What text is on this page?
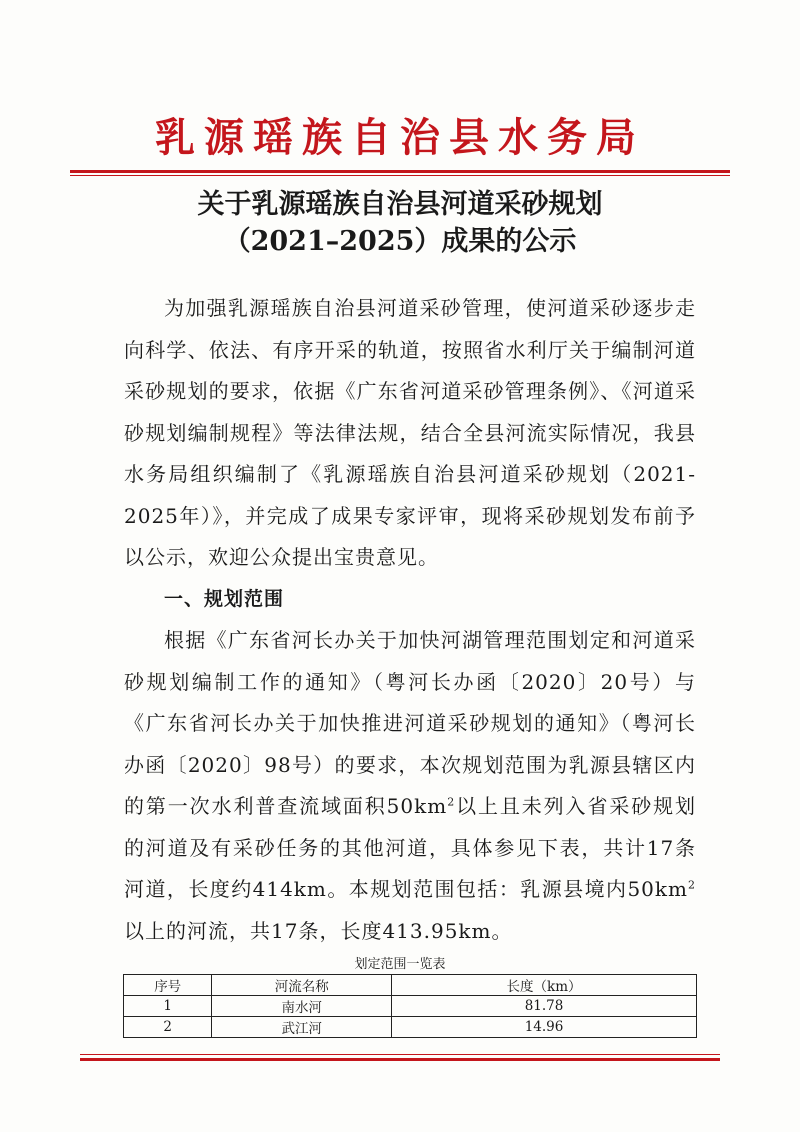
乳源瑶族自治县水务局
关于乳源瑶族自治县河道采砂规划
（2021–2025）成果的公示

为加强乳源瑶族自治县河道采砂管理，使河道采砂逐步走向科学、依法、有序开采的轨道，按照省水利厅关于编制河道采砂规划的要求，依据《广东省河道采砂管理条例》、《河道采砂规划编制规程》等法律法规，结合全县河流实际情况，我县水务局组织编制了《乳源瑶族自治县河道采砂规划（2021-2025年）》，并完成了成果专家评审，现将采砂规划发布前予以公示，欢迎公众提出宝贵意见。

一、规划范围

根据《广东省河长办关于加快河湖管理范围划定和河道采砂规划编制工作的通知》（粤河长办函〔2020〕20号）与《广东省河长办关于加快推进河道采砂规划的通知》（粤河长办函〔2020〕98号）的要求，本次规划范围为乳源县辖区内的第一次水利普查流域面积$50km^2$以上且未列入省采砂规划的河道及有采砂任务的其他河道，具体参见下表，共计17条河道，长度约414km。本规划范围包括：乳源县境内$50km^2$以上的河流，共17条，长度413.95km。

划定范围一览表
序号	河流名称	长度（km）
1	南水河	81.78
2	武江河	14.96
